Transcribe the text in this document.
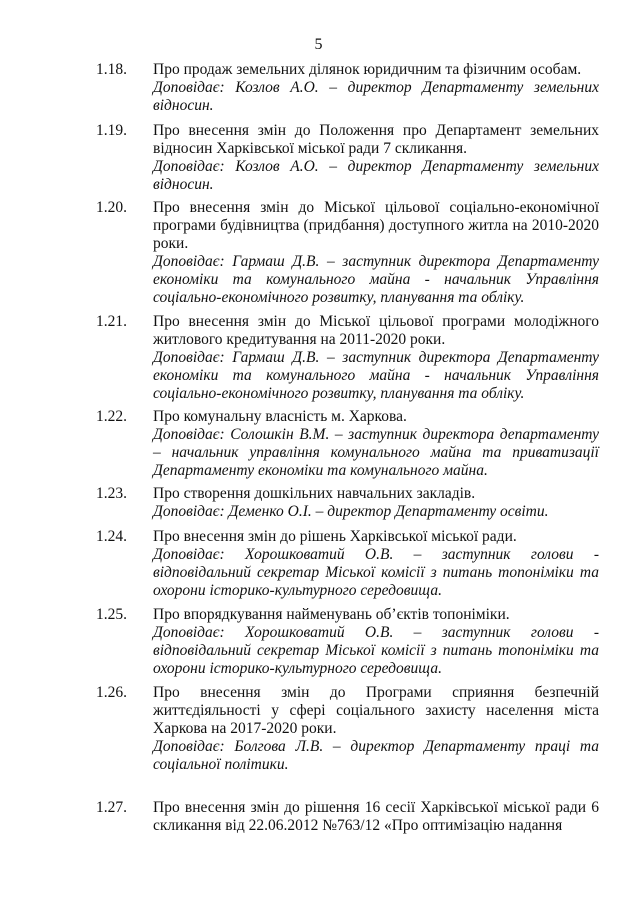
5
1.18. Про продаж земельних ділянок юридичним та фізичним особам.

Доповідає: Козлов А.О. – директор Департаменту земельних відносин.

1.19. Про внесення змін до Положення про Департамент земельних відносин Харківської міської ради 7 скликання.

Доповідає: Козлов А.О. – директор Департаменту земельних відносин.

1.20. Про внесення змін до Міської цільової соціально-економічної програми будівництва (придбання) доступного житла на 2010-2020 роки.

Доповідає: Гармаш Д.В. – заступник директора Департаменту економіки та комунального майна - начальник Управління соціально-економічного розвитку, планування та обліку.

1.21. Про внесення змін до Міської цільової програми молодіжного житлового кредитування на 2011-2020 роки.

Доповідає: Гармаш Д.В. – заступник директора Департаменту економіки та комунального майна - начальник Управління соціально-економічного розвитку, планування та обліку.

1.22. Про комунальну власність м. Харкова.

Доповідає: Солошкін В.М. – заступник директора департаменту – начальник управління комунального майна та приватизації Департаменту економіки та комунального майна.

1.23. Про створення дошкільних навчальних закладів.

Доповідає: Деменко О.І. – директор Департаменту освіти.

1.24. Про внесення змін до рішень Харківської міської ради.

Доповідає: Хорошковатий О.В. – заступник голови - відповідальний секретар Міської комісії з питань топоніміки та охорони історико-культурного середовища.

1.25. Про впорядкування найменувань об’єктів топоніміки.

Доповідає: Хорошковатий О.В. – заступник голови - відповідальний секретар Міської комісії з питань топоніміки та охорони історико-культурного середовища.

1.26. Про внесення змін до Програми сприяння безпечній життєдіяльності у сфері соціального захисту населення міста Харкова на 2017-2020 роки.

Доповідає: Болгова Л.В. – директор Департаменту праці та соціальної політики.

1.27. Про внесення змін до рішення 16 сесії Харківської міської ради 6 скликання від 22.06.2012 №763/12 «Про оптимізацію надання
